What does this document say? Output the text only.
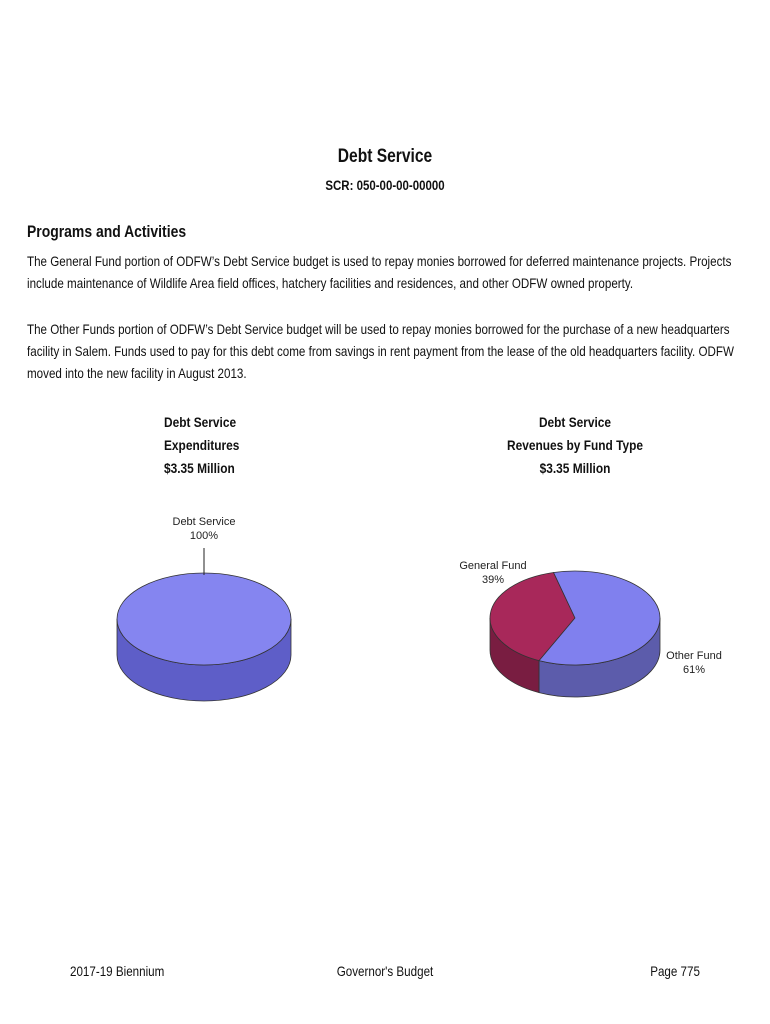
Debt Service
SCR: 050-00-00-00000
Programs and Activities

The General Fund portion of ODFW’s Debt Service budget is used to repay monies borrowed for deferred maintenance projects. Projects include maintenance of Wildlife Area field offices, hatchery facilities and residences, and other ODFW owned property.

The Other Funds portion of ODFW’s Debt Service budget will be used to repay monies borrowed for the purchase of a new headquarters facility in Salem. Funds used to pay for this debt come from savings in rent payment from the lease of the old headquarters facility. ODFW moved into the new facility in August 2013.

Debt Service
Expenditures
$3.35 Million
Debt Service
100%
Debt Service
Revenues by Fund Type
$3.35 Million
General Fund
39%
Other Fund
61%
2017-19 Biennium	Governor's Budget	Page 775
